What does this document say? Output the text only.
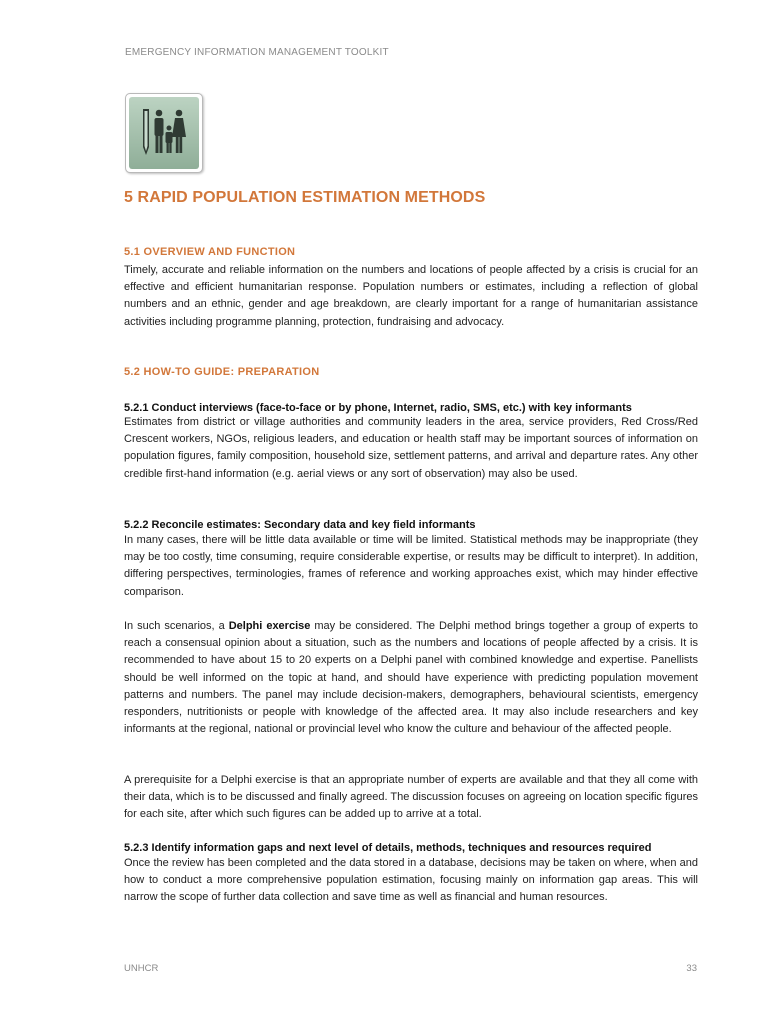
EMERGENCY INFORMATION MANAGEMENT TOOLKIT
5 RAPID POPULATION ESTIMATION METHODS
5.1 OVERVIEW AND FUNCTION

Timely, accurate and reliable information on the numbers and locations of people affected by a crisis is crucial for an effective and efficient humanitarian response. Population numbers or estimates, including a reflection of global numbers and an ethnic, gender and age breakdown, are clearly important for a range of humanitarian assistance activities including programme planning, protection, fundraising and advocacy.

5.2 HOW-TO GUIDE: PREPARATION
5.2.1 Conduct interviews (face-to-face or by phone, Internet, radio, SMS, etc.) with key informants

Estimates from district or village authorities and community leaders in the area, service providers, Red Cross/Red Crescent workers, NGOs, religious leaders, and education or health staff may be important sources of information on population figures, family composition, household size, settlement patterns, and arrival and departure rates. Any other credible first-hand information (e.g. aerial views or any sort of observation) may also be used.

5.2.2 Reconcile estimates: Secondary data and key field informants

In many cases, there will be little data available or time will be limited. Statistical methods may be inappropriate (they may be too costly, time consuming, require considerable expertise, or results may be difficult to interpret). In addition, differing perspectives, terminologies, frames of reference and working approaches exist, which may hinder effective comparison.

In such scenarios, a Delphi exercise may be considered. The Delphi method brings together a group of experts to reach a consensual opinion about a situation, such as the numbers and locations of people affected by a crisis. It is recommended to have about 15 to 20 experts on a Delphi panel with combined knowledge and expertise. Panellists should be well informed on the topic at hand, and should have experience with predicting population movement patterns and numbers. The panel may include decision-makers, demographers, behavioural scientists, emergency responders, nutritionists or people with knowledge of the affected area. It may also include researchers and key informants at the regional, national or provincial level who know the culture and behaviour of the affected people.

A prerequisite for a Delphi exercise is that an appropriate number of experts are available and that they all come with their data, which is to be discussed and finally agreed. The discussion focuses on agreeing on location specific figures for each site, after which such figures can be added up to arrive at a total.

5.2.3 Identify information gaps and next level of details, methods, techniques and resources required

Once the review has been completed and the data stored in a database, decisions may be taken on where, when and how to conduct a more comprehensive population estimation, focusing mainly on information gap areas. This will narrow the scope of further data collection and save time as well as financial and human resources.

UNHCR	33
